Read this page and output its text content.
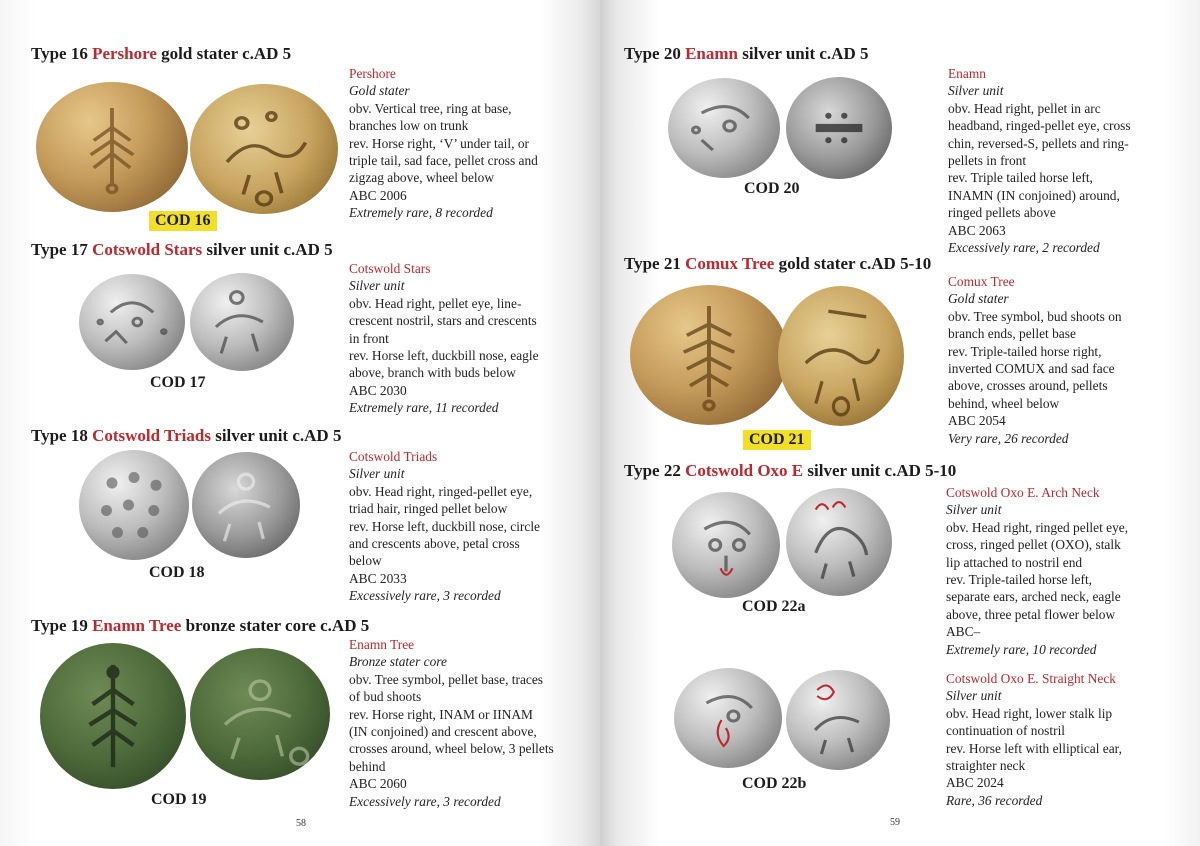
Type 16 Pershore gold stater c.AD 5
COD 16
Pershore
Gold stater
obv. Vertical tree, ring at base,
branches low on trunk
rev. Horse right, ‘V’ under tail, or
triple tail, sad face, pellet cross and
zigzag above, wheel below
ABC 2006
Extremely rare, 8 recorded
Type 17 Cotswold Stars silver unit c.AD 5
COD 17
Cotswold Stars
Silver unit
obv. Head right, pellet eye, line-
crescent nostril, stars and crescents
in front
rev. Horse left, duckbill nose, eagle
above, branch with buds below
ABC 2030
Extremely rare, 11 recorded
Type 18 Cotswold Triads silver unit c.AD 5
COD 18
Cotswold Triads
Silver unit
obv. Head right, ringed-pellet eye,
triad hair, ringed pellet below
rev. Horse left, duckbill nose, circle
and crescents above, petal cross
below
ABC 2033
Excessively rare, 3 recorded
Type 19 Enamn Tree bronze stater core c.AD 5
COD 19
Enamn Tree
Bronze stater core
obv. Tree symbol, pellet base, traces
of bud shoots
rev. Horse right, INAM or IINAM
(IN conjoined) and crescent above,
crosses around, wheel below, 3 pellets
behind
ABC 2060
Excessively rare, 3 recorded
58
Type 20 Enamn silver unit c.AD 5
COD 20
Enamn
Silver unit
obv. Head right, pellet in arc
headband, ringed-pellet eye, cross
chin, reversed-S, pellets and ring-
pellets in front
rev. Triple tailed horse left,
INAMN (IN conjoined) around,
ringed pellets above
ABC 2063
Excessively rare, 2 recorded
Type 21 Comux Tree gold stater c.AD 5-10
COD 21
Comux Tree
Gold stater
obv. Tree symbol, bud shoots on
branch ends, pellet base
rev. Triple-tailed horse right,
inverted COMUX and sad face
above, crosses around, pellets
behind, wheel below
ABC 2054
Very rare, 26 recorded
Type 22 Cotswold Oxo E silver unit c.AD 5-10
COD 22a
Cotswold Oxo E. Arch Neck
Silver unit
obv. Head right, ringed pellet eye,
cross, ringed pellet (OXO), stalk
lip attached to nostril end
rev. Triple-tailed horse left,
separate ears, arched neck, eagle
above, three petal flower below
ABC–
Extremely rare, 10 recorded
COD 22b
Cotswold Oxo E. Straight Neck
Silver unit
obv. Head right, lower stalk lip
continuation of nostril
rev. Horse left with elliptical ear,
straighter neck
ABC 2024
Rare, 36 recorded
59
